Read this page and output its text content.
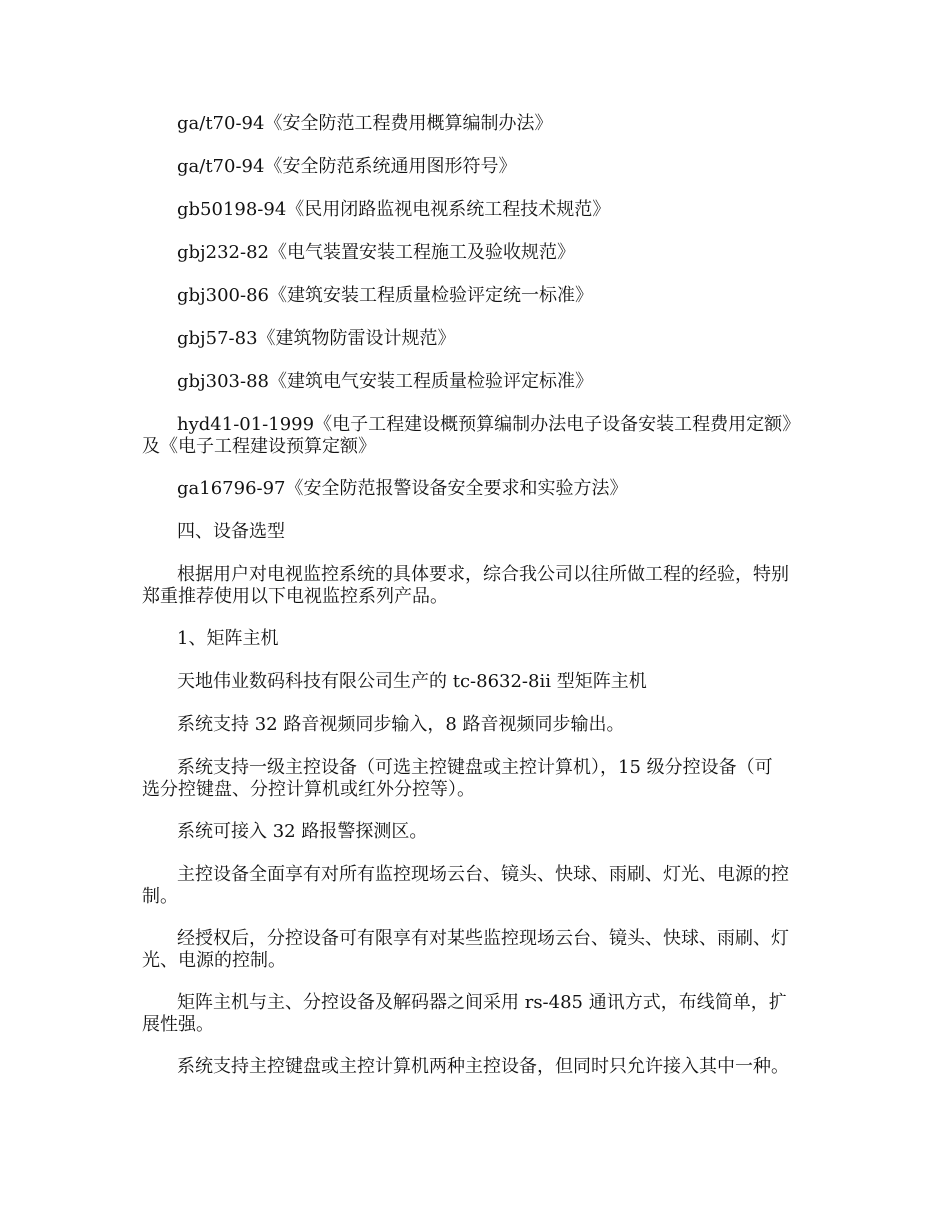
ga/t70-94《安全防范工程费用概算编制办法》
ga/t70-94《安全防范系统通用图形符号》
gb50198-94《民用闭路监视电视系统工程技术规范》
gbj232-82《电气装置安装工程施工及验收规范》
gbj300-86《建筑安装工程质量检验评定统一标准》
gbj57-83《建筑物防雷设计规范》
gbj303-88《建筑电气安装工程质量检验评定标准》
hyd41-01-1999《电子工程建设概预算编制办法电子设备安装工程费用定额》
及《电子工程建设预算定额》
ga16796-97《安全防范报警设备安全要求和实验方法》
四、设备选型
根据用户对电视监控系统的具体要求，综合我公司以往所做工程的经验，特别
郑重推荐使用以下电视监控系列产品。
1、矩阵主机
天地伟业数码科技有限公司生产的 tc-8632-8ii 型矩阵主机
系统支持 32 路音视频同步输入，8 路音视频同步输出。
系统支持一级主控设备（可选主控键盘或主控计算机），15 级分控设备（可
选分控键盘、分控计算机或红外分控等）。
系统可接入 32 路报警探测区。
主控设备全面享有对所有监控现场云台、镜头、快球、雨刷、灯光、电源的控
制。
经授权后，分控设备可有限享有对某些监控现场云台、镜头、快球、雨刷、灯
光、电源的控制。
矩阵主机与主、分控设备及解码器之间采用 rs-485 通讯方式，布线简单，扩
展性强。
系统支持主控键盘或主控计算机两种主控设备，但同时只允许接入其中一种。
